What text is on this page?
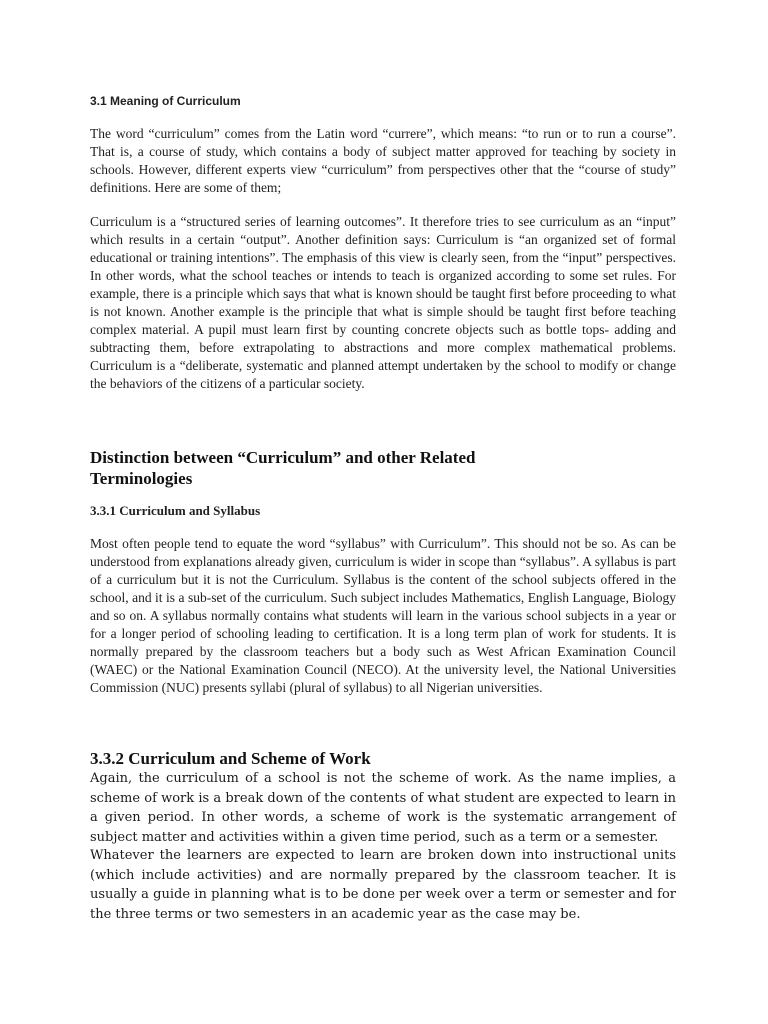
3.1 Meaning of Curriculum

The word “curriculum” comes from the Latin word “currere”, which means: “to run or to run a course”. That is, a course of study, which contains a body of subject matter approved for teaching by society in schools. However, different experts view “curriculum” from perspectives other that the “course of study” definitions. Here are some of them;

Curriculum is a “structured series of learning outcomes”. It therefore tries to see curriculum as an “input” which results in a certain “output”. Another definition says: Curriculum is “an organized set of formal educational or training intentions”. The emphasis of this view is clearly seen, from the “input” perspectives. In other words, what the school teaches or intends to teach is organized according to some set rules. For example, there is a principle which says that what is known should be taught first before proceeding to what is not known. Another example is the principle that what is simple should be taught first before teaching complex material. A pupil must learn first by counting concrete objects such as bottle tops- adding and subtracting them, before extrapolating to abstractions and more complex mathematical problems. Curriculum is a “deliberate, systematic and planned attempt undertaken by the school to modify or change the behaviors of the citizens of a particular society.

Distinction between “Curriculum” and other Related Terminologies
3.3.1 Curriculum and Syllabus

Most often people tend to equate the word “syllabus” with Curriculum”. This should not be so. As can be understood from explanations already given, curriculum is wider in scope than “syllabus”. A syllabus is part of a curriculum but it is not the Curriculum. Syllabus is the content of the school subjects offered in the school, and it is a sub-set of the curriculum. Such subject includes Mathematics, English Language, Biology and so on. A syllabus normally contains what students will learn in the various school subjects in a year or for a longer period of schooling leading to certification. It is a long term plan of work for students. It is normally prepared by the classroom teachers but a body such as West African Examination Council (WAEC) or the National Examination Council (NECO). At the university level, the National Universities Commission (NUC) presents syllabi (plural of syllabus) to all Nigerian universities.

3.3.2 Curriculum and Scheme of Work

Again, the curriculum of a school is not the scheme of work. As the name implies, a scheme of work is a break down of the contents of what student are expected to learn in a given period. In other words, a scheme of work is the systematic arrangement of subject matter and activities within a given time period, such as a term or a semester.

Whatever the learners are expected to learn are broken down into instructional units (which include activities) and are normally prepared by the classroom teacher. It is usually a guide in planning what is to be done per week over a term or semester and for the three terms or two semesters in an academic year as the case may be.
